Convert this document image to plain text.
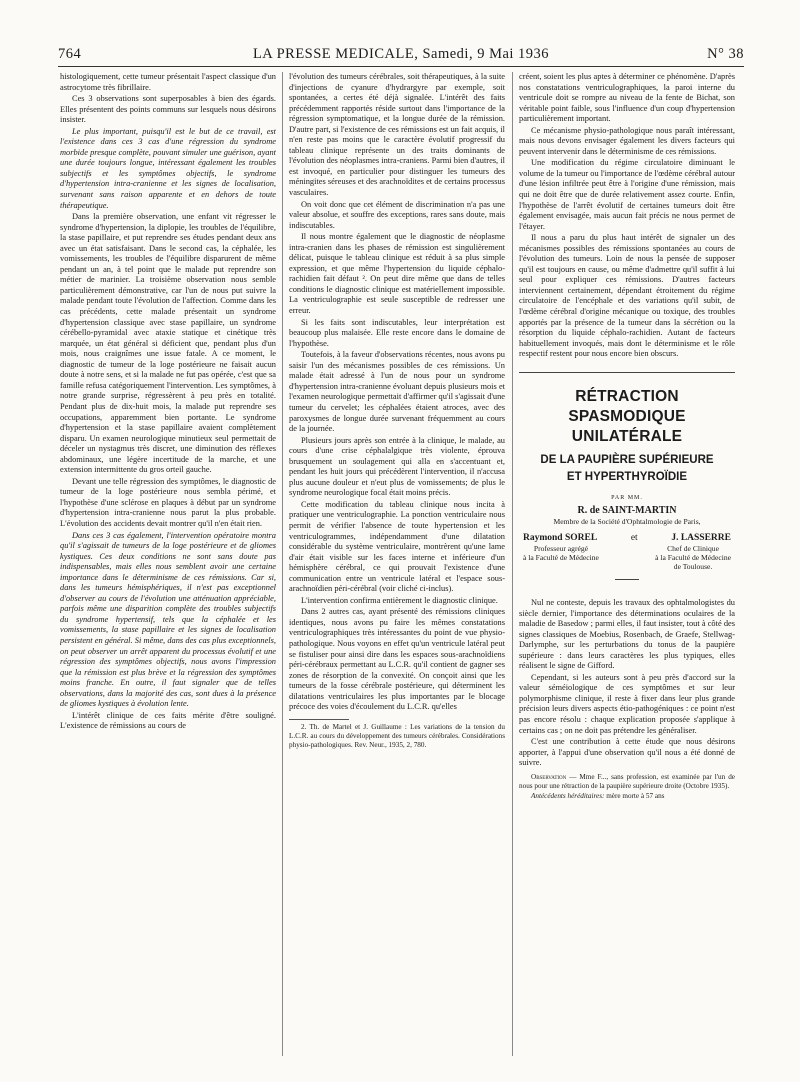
764	LA PRESSE MEDICALE, Samedi, 9 Mai 1936	N° 38

histologiquement, cette tumeur présentait l'aspect classique d'un astrocytome très fibrillaire.

Ces 3 observations sont superposables à bien des égards. Elles présentent des points communs sur lesquels nous désirons insister.

Le plus important, puisqu'il est le but de ce travail, est l'existence dans ces 3 cas d'une régression du syndrome morbide presque complète, pouvant simuler une guérison, ayant une durée toujours longue, intéressant également les troubles subjectifs et les symptômes objectifs, le syndrome d'hypertension intra-cranienne et les signes de localisation, survenant sans raison apparente et en dehors de toute thérapeutique.

Dans la première observation, une enfant vit régresser le syndrome d'hypertension, la diplopie, les troubles de l'équilibre, la stase papillaire, et put reprendre ses études pendant deux ans avec un état satisfaisant. Dans le second cas, la céphalée, les vomissements, les troubles de l'équilibre disparurent de même pendant un an, à tel point que le malade put reprendre son métier de marinier. La troisième observation nous semble particulièrement démonstrative, car l'un de nous put suivre la malade pendant toute l'évolution de l'affection. Comme dans les cas précédents, cette malade présentait un syndrome d'hypertension classique avec stase papillaire, un syndrome cérébello-pyramidal avec ataxie statique et cinétique très marquée, un état général si déficient que, pendant plus d'un mois, nous craignîmes une issue fatale. A ce moment, le diagnostic de tumeur de la loge postérieure ne faisait aucun doute à notre sens, et si la malade ne fut pas opérée, c'est que sa famille refusa catégoriquement l'intervention. Les symptômes, à notre grande surprise, régressèrent à peu près en totalité. Pendant plus de dix-huit mois, la malade put reprendre ses occupations, apparemment bien portante. Le syndrome d'hypertension et la stase papillaire avaient complètement disparu. Un examen neurologique minutieux seul permettait de déceler un nystagmus très discret, une diminution des réflexes abdominaux, une légère incertitude de la marche, et une extension intermittente du gros orteil gauche.

Devant une telle régression des symptômes, le diagnostic de tumeur de la loge postérieure nous sembla périmé, et l'hypothèse d'une sclérose en plaques à début par un syndrome d'hypertension intra-cranienne nous parut la plus probable. L'évolution des accidents devait montrer qu'il n'en était rien.

Dans ces 3 cas également, l'intervention opératoire montra qu'il s'agissait de tumeurs de la loge postérieure et de gliomes kystiques. Ces deux conditions ne sont sans doute pas indispensables, mais elles nous semblent avoir une certaine importance dans le déterminisme de ces rémissions. Car si, dans les tumeurs hémisphériques, il n'est pas exceptionnel d'observer au cours de l'évolution une atténuation appréciable, parfois même une disparition complète des troubles subjectifs du syndrome hypertensif, tels que la céphalée et les vomissements, la stase papillaire et les signes de localisation persistent en général. Si même, dans des cas plus exceptionnels, on peut observer un arrêt apparent du processus évolutif et une régression des symptômes objectifs, nous avons l'impression que la rémission est plus brève et la régression des symptômes moins franche. En outre, il faut signaler que de telles observations, dans la majorité des cas, sont dues à la présence de gliomes kystiques à évolution lente.

L'intérêt clinique de ces faits mérite d'être souligné. L'existence de rémissions au cours de

l'évolution des tumeurs cérébrales, soit thérapeutiques, à la suite d'injections de cyanure d'hydrargyre par exemple, soit spontanées, a certes été déjà signalée. L'intérêt des faits précédemment rapportés réside surtout dans l'importance de la régression symptomatique, et la longue durée de la rémission. D'autre part, si l'existence de ces rémissions est un fait acquis, il n'en reste pas moins que le caractère évolutif progressif du tableau clinique représente un des traits dominants de l'évolution des néoplasmes intra-craniens. Parmi bien d'autres, il est invoqué, en particulier pour distinguer les tumeurs des méningites séreuses et des arachnoïdites et de certains processus vasculaires.

On voit donc que cet élément de discrimination n'a pas une valeur absolue, et souffre des exceptions, rares sans doute, mais indiscutables.

Il nous montre également que le diagnostic de néoplasme intra-cranien dans les phases de rémission est singulièrement délicat, puisque le tableau clinique est réduit à sa plus simple expression, et que même l'hypertension du liquide céphalo-rachidien fait défaut ². On peut dire même que dans de telles conditions le diagnostic clinique est matériellement impossible. La ventriculographie est seule susceptible de redresser une erreur.

Si les faits sont indiscutables, leur interprétation est beaucoup plus malaisée. Elle reste encore dans le domaine de l'hypothèse.

Toutefois, à la faveur d'observations récentes, nous avons pu saisir l'un des mécanismes possibles de ces rémissions. Un malade était adressé à l'un de nous pour un syndrome d'hypertension intra-cranienne évoluant depuis plusieurs mois et l'examen neurologique permettait d'affirmer qu'il s'agissait d'une tumeur du cervelet; les céphalées étaient atroces, avec des paroxysmes de longue durée survenant fréquemment au cours de la journée.

Plusieurs jours après son entrée à la clinique, le malade, au cours d'une crise céphalalgique très violente, éprouva brusquement un soulagement qui alla en s'accentuant et, pendant les huit jours qui précédèrent l'intervention, il n'accusa plus aucune douleur et n'eut plus de vomissements; de plus le syndrome neurologique focal était moins précis.

Cette modification du tableau clinique nous incita à pratiquer une ventriculographie. La ponction ventriculaire nous permit de vérifier l'absence de toute hypertension et les ventriculogrammes, indépendamment d'une dilatation considérable du système ventriculaire, montrèrent qu'une lame d'air était visible sur les faces interne et inférieure d'un hémisphère cérébral, ce qui prouvait l'existence d'une communication entre un ventricule latéral et l'espace sous-arachnoïdien péri-cérébral (voir cliché ci-inclus).

L'intervention confirma entièrement le diagnostic clinique.

Dans 2 autres cas, ayant présenté des rémissions cliniques identiques, nous avons pu faire les mêmes constatations ventriculographiques très intéressantes du point de vue physio-pathologique. Nous voyons en effet qu'un ventricule latéral peut se fistuliser pour ainsi dire dans les espaces sous-arachnoïdiens péri-cérébraux permettant au L.C.R. qu'il contient de gagner ses zones de résorption de la convexité. On conçoit ainsi que les tumeurs de la fosse cérébrale postérieure, qui déterminent les dilatations ventriculaires les plus importantes par le blocage précoce des voies d'écoulement du L.C.R. qu'elles

2. Th. de Martel et J. Guillaume : Les variations de la tension du L.C.R. au cours du développement des tumeurs cérébrales. Considérations physio-pathologiques. Rev. Neur., 1935, 2, 780.

créent, soient les plus aptes à déterminer ce phénomène. D'après nos constatations ventriculographiques, la paroi interne du ventricule doit se rompre au niveau de la fente de Bichat, son véritable point faible, sous l'influence d'un coup d'hypertension particulièrement important.

Ce mécanisme physio-pathologique nous paraît intéressant, mais nous devons envisager également les divers facteurs qui peuvent intervenir dans le déterminisme de ces rémissions.

Une modification du régime circulatoire diminuant le volume de la tumeur ou l'importance de l'œdème cérébral autour d'une lésion infiltrée peut être à l'origine d'une rémission, mais qui ne doit être que de durée relativement assez courte. Enfin, l'hypothèse de l'arrêt évolutif de certaines tumeurs doit être également envisagée, mais aucun fait précis ne nous permet de l'étayer.

Il nous a paru du plus haut intérêt de signaler un des mécanismes possibles des rémissions spontanées au cours de l'évolution des tumeurs. Loin de nous la pensée de supposer qu'il est toujours en cause, ou même d'admettre qu'il suffit à lui seul pour expliquer ces rémissions. D'autres facteurs interviennent certainement, dépendant étroitement du régime circulatoire de l'encéphale et des variations qu'il subit, de l'œdème cérébral d'origine mécanique ou toxique, des troubles apportés par la présence de la tumeur dans la sécrétion ou la résorption du liquide céphalo-rachidien. Autant de facteurs habituellement invoqués, mais dont le déterminisme et le rôle respectif restent pour nous encore bien obscurs.

RÉTRACTION SPASMODIQUE
UNILATÉRALE
DE LA PAUPIÈRE SUPÉRIEURE
ET HYPERTHYROÏDIE
PAR MM.
R. de SAINT-MARTIN
Membre de la Société d'Ophtalmologie de Paris,
Raymond SOREL	et	J. LASSERRE
Professeur agrégé
à la Faculté de Médecine
Chef de Clinique
à la Faculté de Médecine
de Toulouse.

Nul ne conteste, depuis les travaux des ophtalmologistes du siècle dernier, l'importance des déterminations oculaires de la maladie de Basedow ; parmi elles, il faut insister, tout à côté des signes classiques de Moebius, Rosenbach, de Graefe, Stellwag-Darlymphe, sur les perturbations du tonus de la paupière supérieure : dans leurs caractères les plus typiques, elles réalisent le signe de Gifford.

Cependant, si les auteurs sont à peu près d'accord sur la valeur séméiologique de ces symptômes et sur leur polymorphisme clinique, il reste à fixer dans leur plus grande précision leurs divers aspects étio-pathogéniques : ce point n'est pas encore résolu : chaque explication proposée s'applique à certains cas ; on ne doit pas prétendre les généraliser.

C'est une contribution à cette étude que nous désirons apporter, à l'appui d'une observation qu'il nous a été donné de suivre.

Observation — Mme F..., sans profession, est examinée par l'un de nous pour une rétraction de la paupière supérieure droite (Octobre 1935).

Antécédents héréditaires: mère morte à 57 ans
